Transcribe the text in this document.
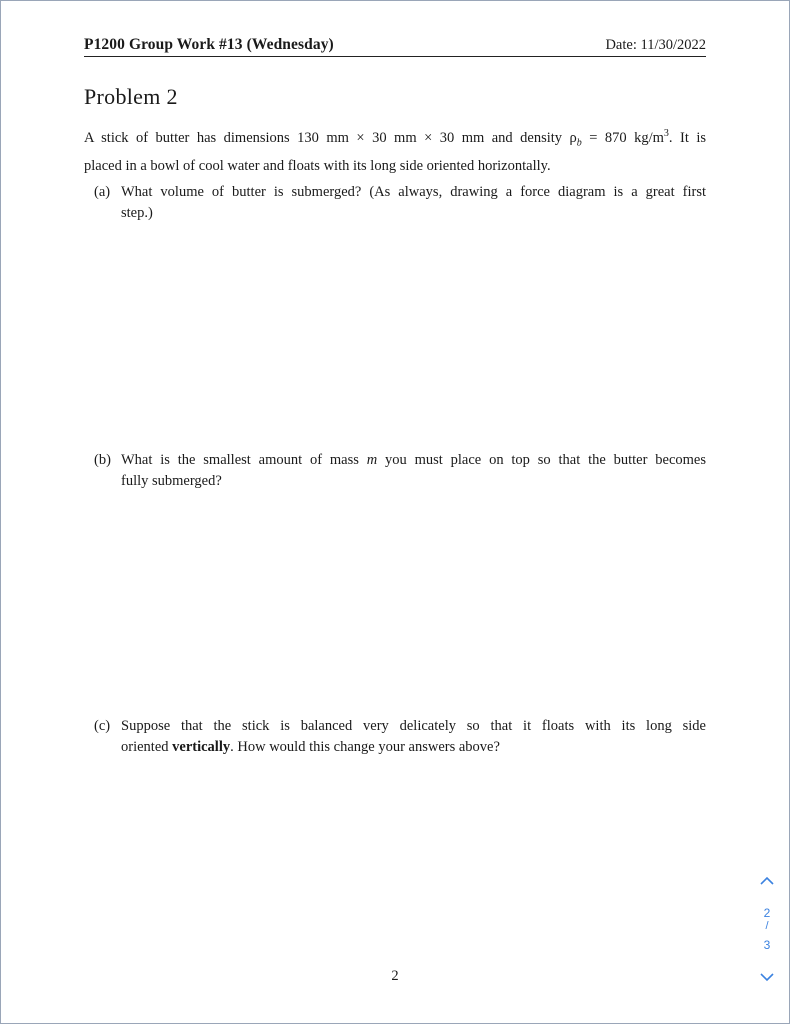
P1200 Group Work #13 (Wednesday)	Date: 11/30/2022
Problem 2
A stick of butter has dimensions 130 mm × 30 mm × 30 mm and density $\rho_b = 870$ $kg/m^3$. It is
placed in a bowl of cool water and floats with its long side oriented horizontally.
(a) What volume of butter is submerged? (As always, drawing a force diagram is a great first
step.)
(b) What is the smallest amount of mass m you must place on top so that the butter becomes
fully submerged?
(c) Suppose that the stick is balanced very delicately so that it floats with its long side
oriented vertically. How would this change your answers above?
2
2
/
3
